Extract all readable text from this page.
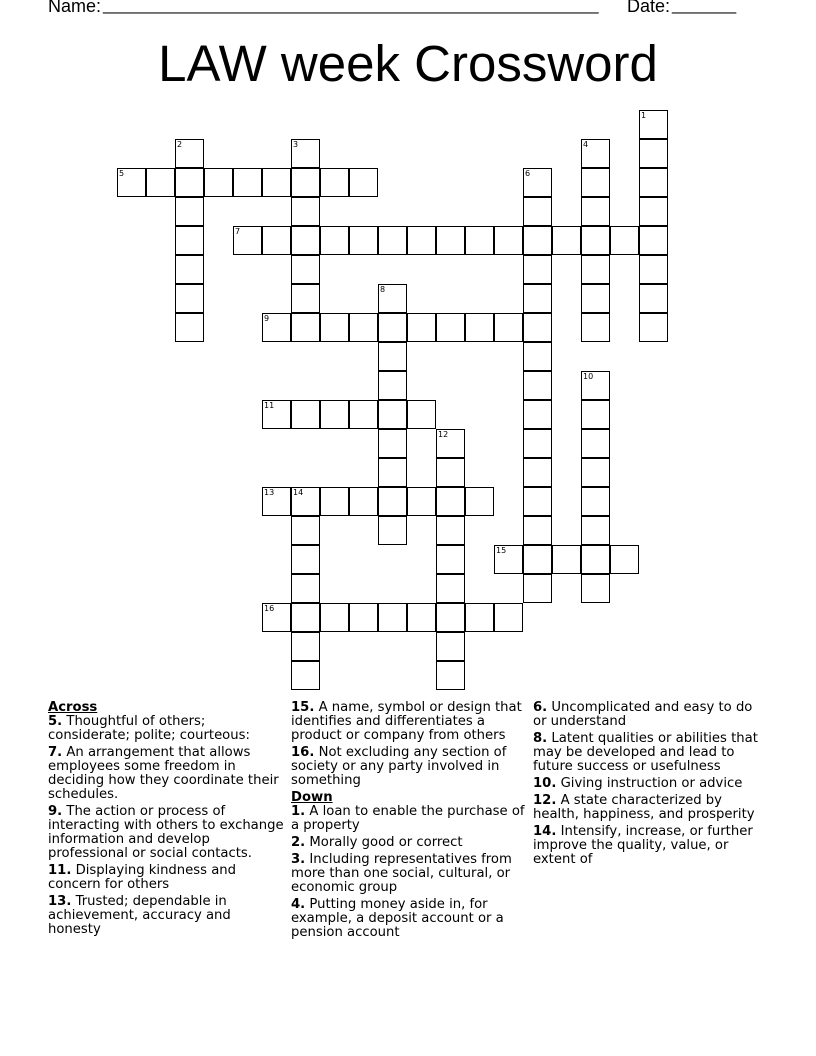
Name: ______________________________________________________ Date: _______
LAW week Crossword
1
2	3	4
5	6
7
8
9
10
11
12
13 14
15
16
Across
5. Thoughtful of others; considerate; polite; courteous:
7. An arrangement that allows employees some freedom in deciding how they coordinate their schedules.
9. The action or process of interacting with others to exchange information and develop professional or social contacts.
11. Displaying kindness and concern for others
13. Trusted; dependable in achievement, accuracy and honesty
15. A name, symbol or design that identifies and differentiates a product or company from others
16. Not excluding any section of society or any party involved in something
Down
1. A loan to enable the purchase of a property
2. Morally good or correct
3. Including representatives from more than one social, cultural, or economic group
4. Putting money aside in, for example, a deposit account or a pension account
6. Uncomplicated and easy to do or understand
8. Latent qualities or abilities that may be developed and lead to future success or usefulness
10. Giving instruction or advice
12. A state characterized by health, happiness, and prosperity
14. Intensify, increase, or further improve the quality, value, or extent of
